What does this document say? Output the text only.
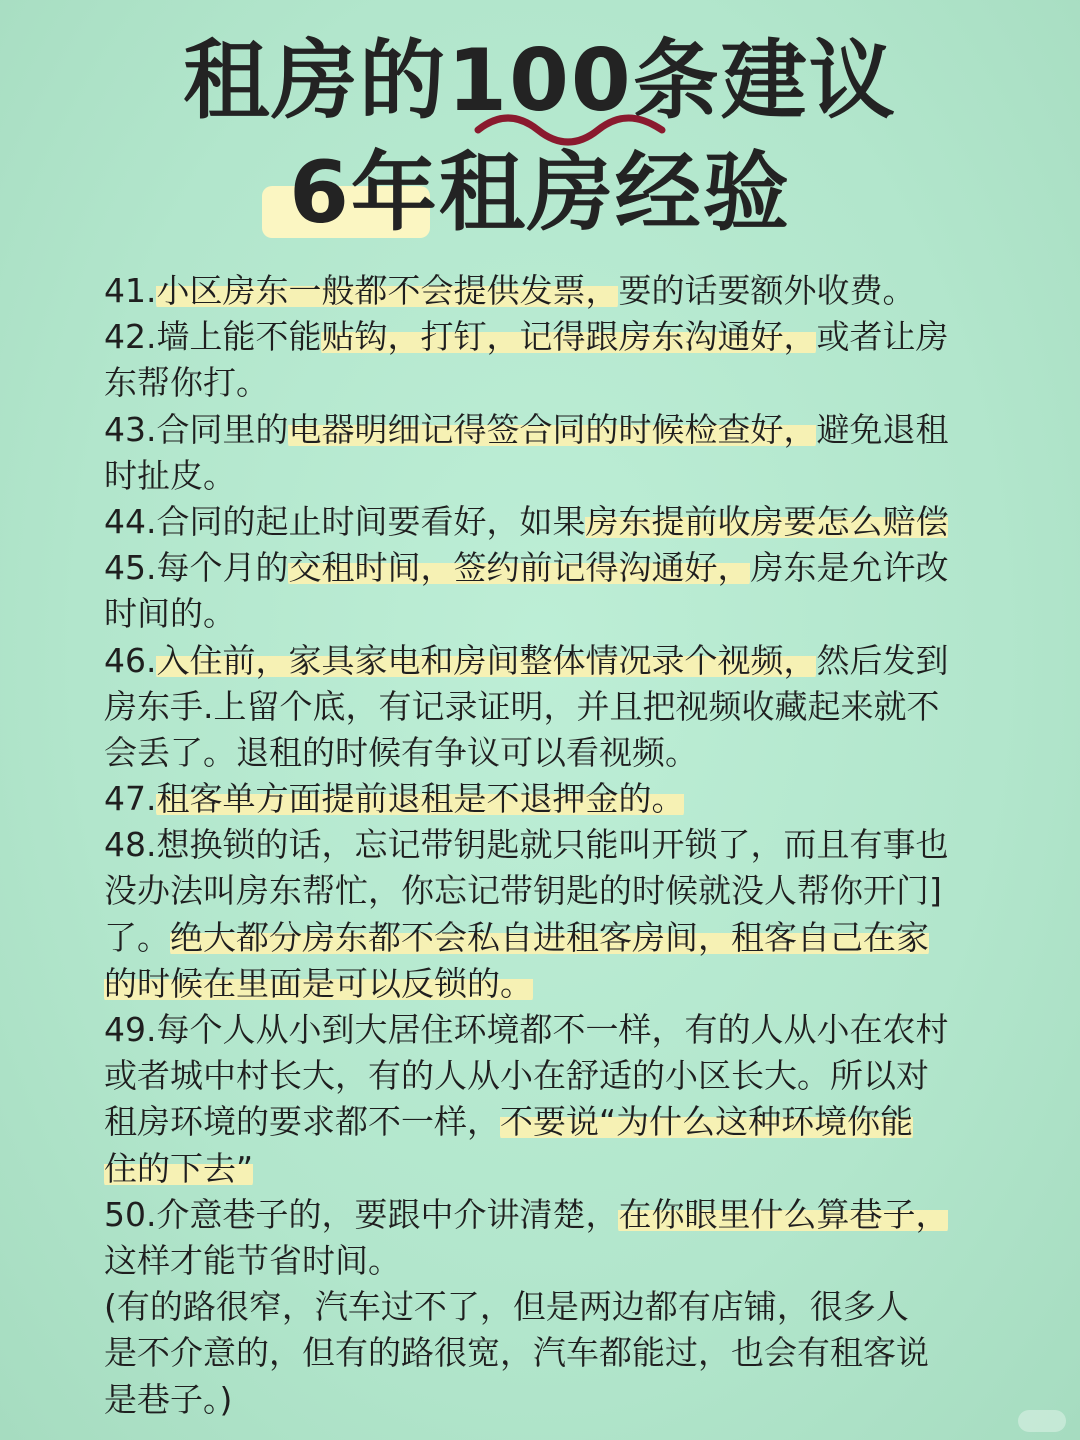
租房的100条建议
6年租房经验
41.小区房东一般都不会提供发票，要的话要额外收费。
42.墙上能不能贴钩，打钉，记得跟房东沟通好，或者让房
东帮你打。
43.合同里的电器明细记得签合同的时候检查好，避免退租
时扯皮。
44.合同的起止时间要看好，如果房东提前收房要怎么赔偿
45.每个月的交租时间，签约前记得沟通好，房东是允许改
时间的。
46.入住前，家具家电和房间整体情况录个视频，然后发到
房东手.上留个底，有记录证明，并且把视频收藏起来就不
会丢了。退租的时候有争议可以看视频。
47.租客单方面提前退租是不退押金的。
48.想换锁的话，忘记带钥匙就只能叫开锁了，而且有事也
没办法叫房东帮忙，你忘记带钥匙的时候就没人帮你开门]
了。绝大都分房东都不会私自进租客房间，租客自己在家
的时候在里面是可以反锁的。
49.每个人从小到大居住环境都不一样，有的人从小在农村
或者城中村长大，有的人从小在舒适的小区长大。所以对
租房环境的要求都不一样，不要说“为什么这种环境你能
住的下去”
50.介意巷子的，要跟中介讲清楚，在你眼里什么算巷子，
这样才能节省时间。
(有的路很窄，汽车过不了，但是两边都有店铺，很多人
是不介意的，但有的路很宽，汽车都能过，也会有租客说
是巷子。)
